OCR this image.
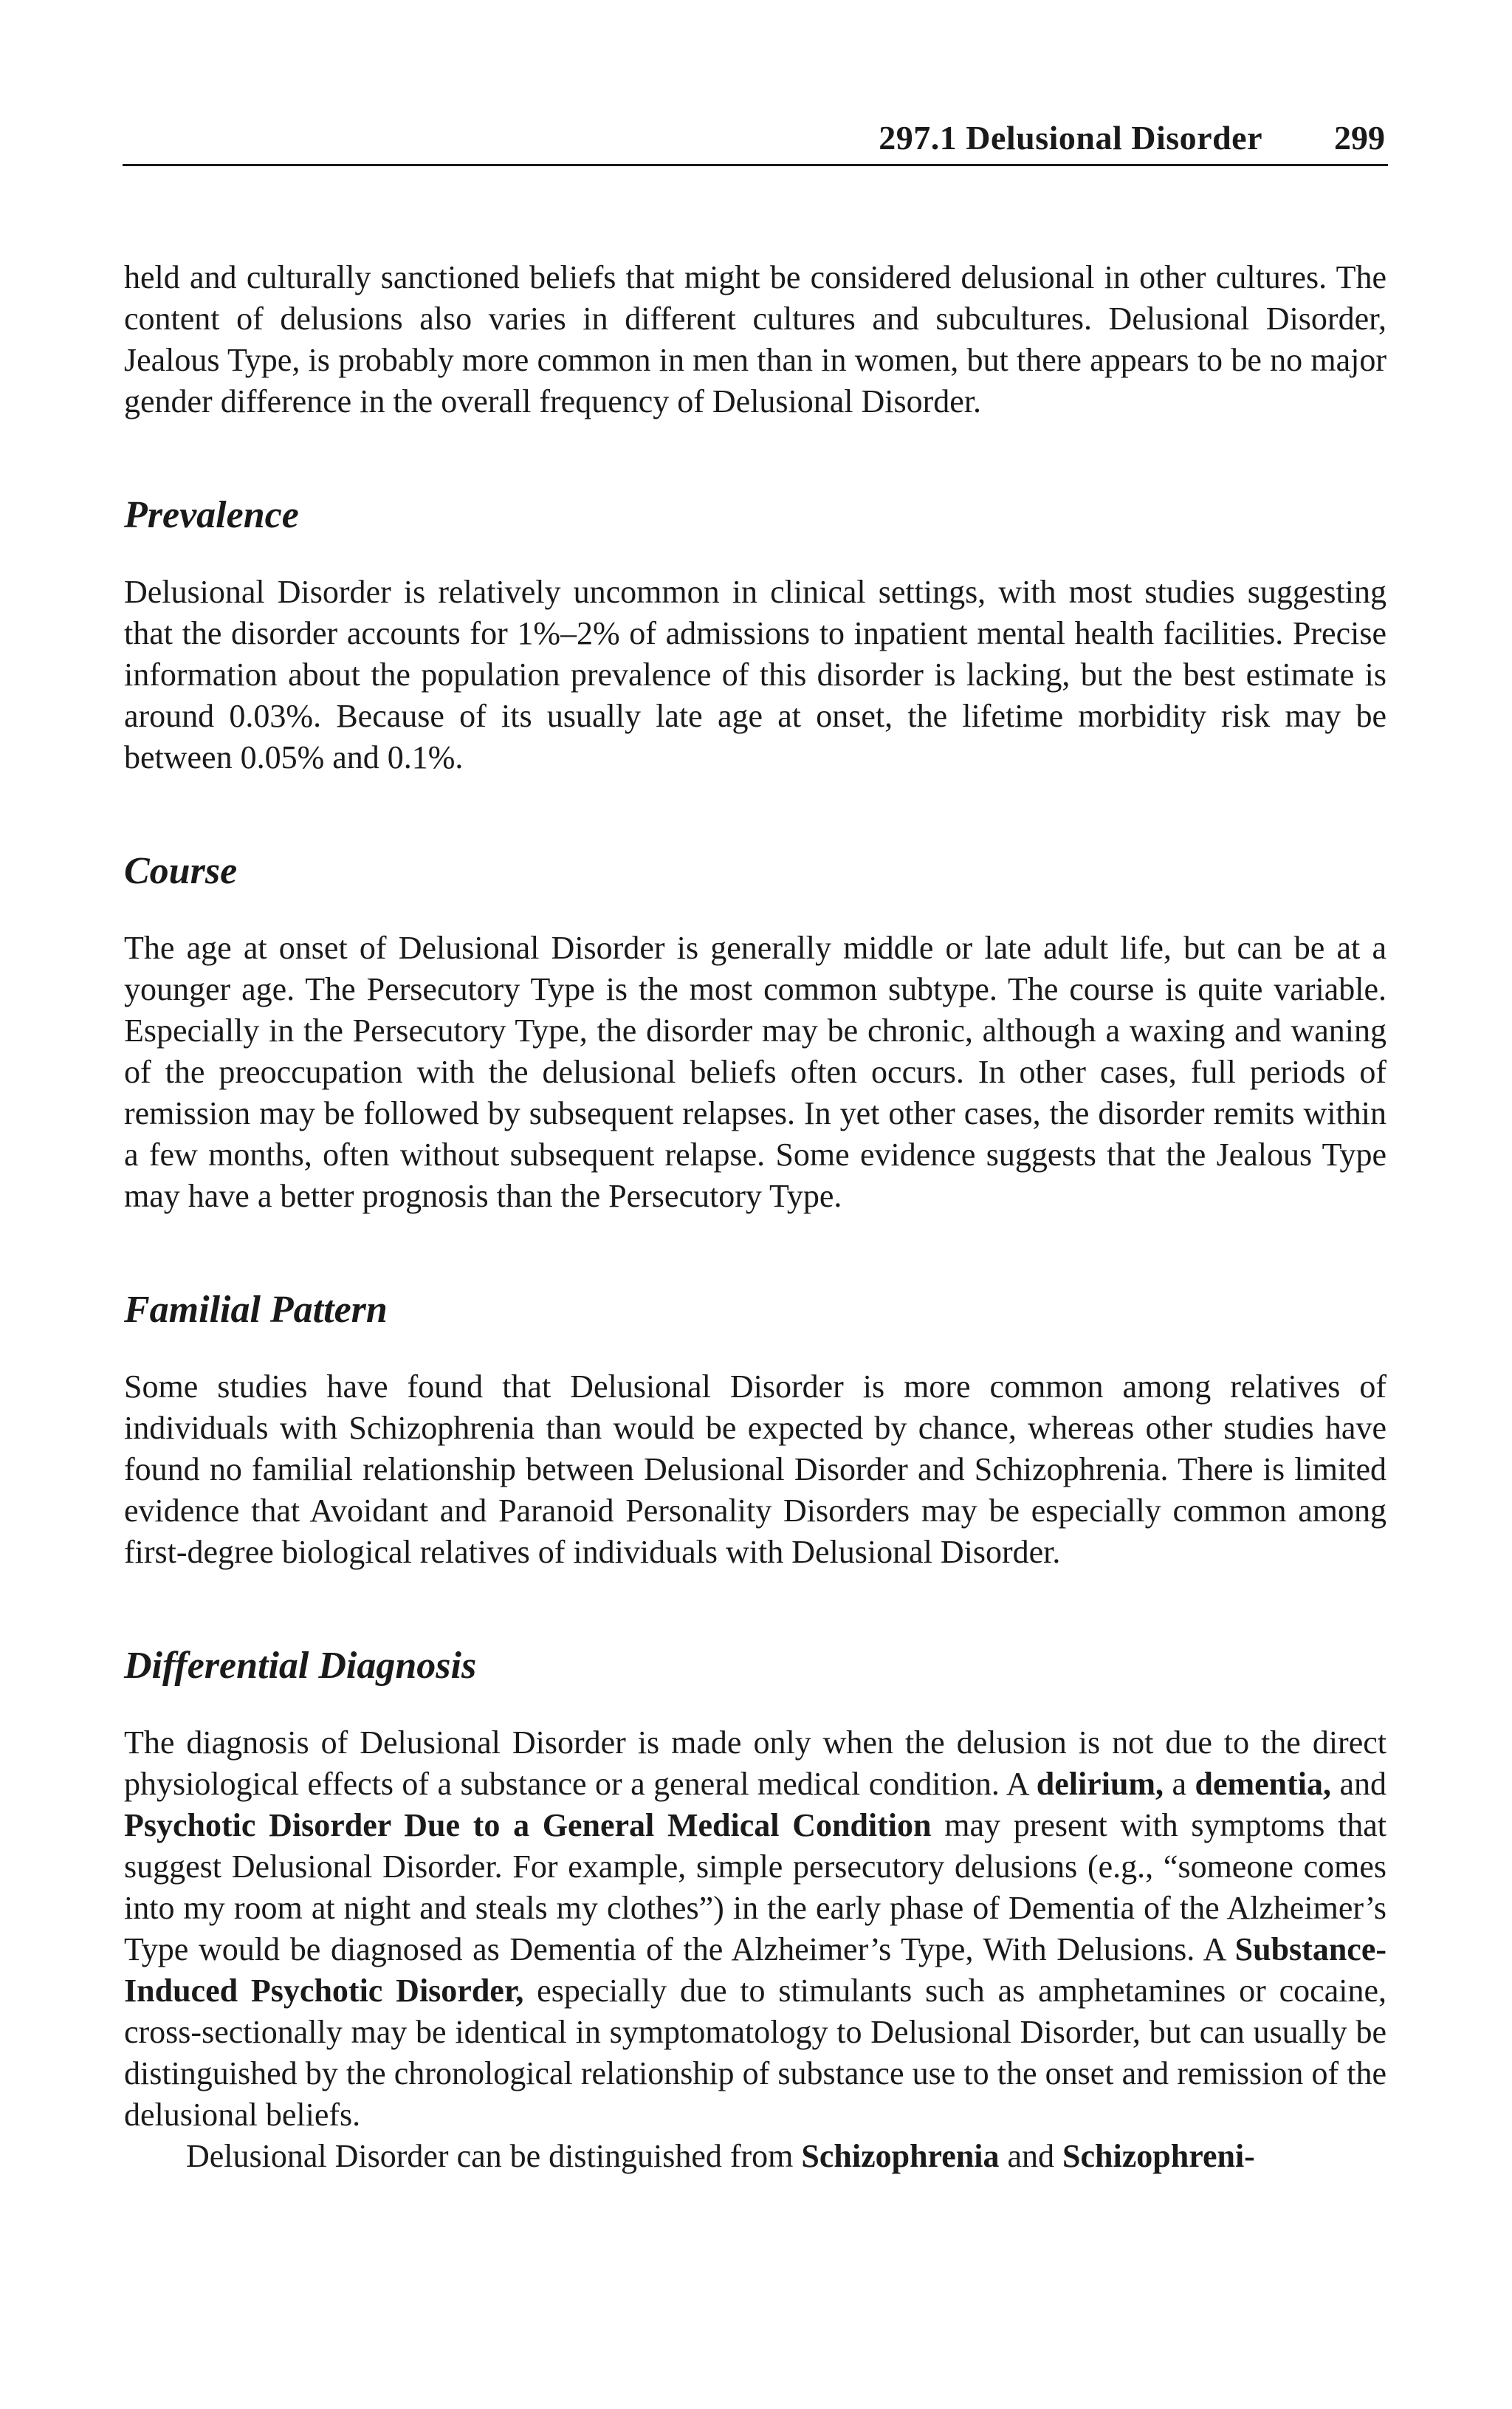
297.1 Delusional Disorder 299

held and culturally sanctioned beliefs that might be considered delusional in other cultures. The content of delusions also varies in different cultures and subcultures. Delusional Disorder, Jealous Type, is probably more common in men than in women, but there appears to be no major gender difference in the overall frequency of Delusional Disorder.

Prevalence

Delusional Disorder is relatively uncommon in clinical settings, with most studies suggesting that the disorder accounts for 1%–2% of admissions to inpatient mental health facilities. Precise information about the population prevalence of this disorder is lacking, but the best estimate is around 0.03%. Because of its usually late age at onset, the lifetime morbidity risk may be between 0.05% and 0.1%.

Course

The age at onset of Delusional Disorder is generally middle or late adult life, but can be at a younger age. The Persecutory Type is the most common subtype. The course is quite variable. Especially in the Persecutory Type, the disorder may be chronic, although a waxing and waning of the preoccupation with the delusional beliefs often occurs. In other cases, full periods of remission may be followed by subsequent relapses. In yet other cases, the disorder remits within a few months, often without subsequent relapse. Some evidence suggests that the Jealous Type may have a better prognosis than the Persecutory Type.

Familial Pattern

Some studies have found that Delusional Disorder is more common among relatives of individuals with Schizophrenia than would be expected by chance, whereas other studies have found no familial relationship between Delusional Disorder and Schizophrenia. There is limited evidence that Avoidant and Paranoid Personality Disorders may be especially common among first-degree biological relatives of individuals with Delusional Disorder.

Differential Diagnosis

The diagnosis of Delusional Disorder is made only when the delusion is not due to the direct physiological effects of a substance or a general medical condition. A delirium, a dementia, and Psychotic Disorder Due to a General Medical Condition may present with symptoms that suggest Delusional Disorder. For example, simple persecutory delusions (e.g., “someone comes into my room at night and steals my clothes”) in the early phase of Dementia of the Alzheimer’s Type would be diagnosed as Dementia of the Alzheimer’s Type, With Delusions. A Substance-Induced Psychotic Disorder, especially due to stimulants such as amphetamines or cocaine, cross-sectionally may be identical in symptomatology to Delusional Disorder, but can usually be distinguished by the chronological relationship of substance use to the onset and remission of the delusional beliefs.

Delusional Disorder can be distinguished from Schizophrenia and Schizophreni-
